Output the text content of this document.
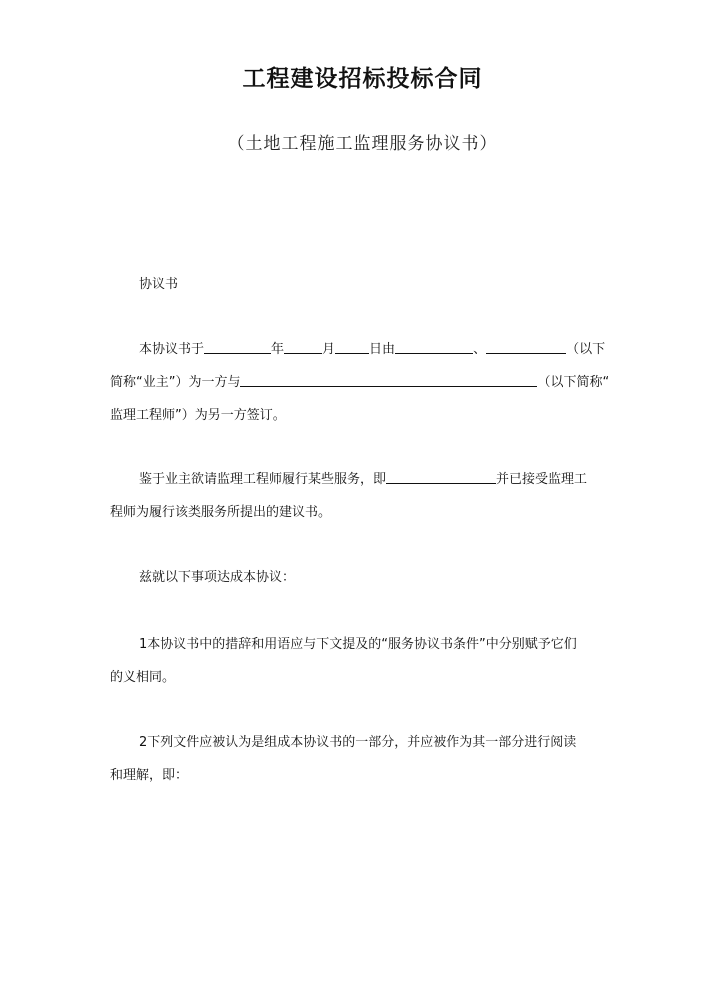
工程建设招标投标合同
（土地工程施工监理服务协议书）
协议书
本协议书于	年	月	日由	、	（以下
简称“业主”）为一方与	（以下简称“
监理工程师”）为另一方签订。
鉴于业主欲请监理工程师履行某些服务，即	并已接受监理工
程师为履行该类服务所提出的建议书。
兹就以下事项达成本协议：
1本协议书中的措辞和用语应与下文提及的“服务协议书条件”中分别赋予它们
的义相同。
2下列文件应被认为是组成本协议书的一部分，并应被作为其一部分进行阅读
和理解，即：
